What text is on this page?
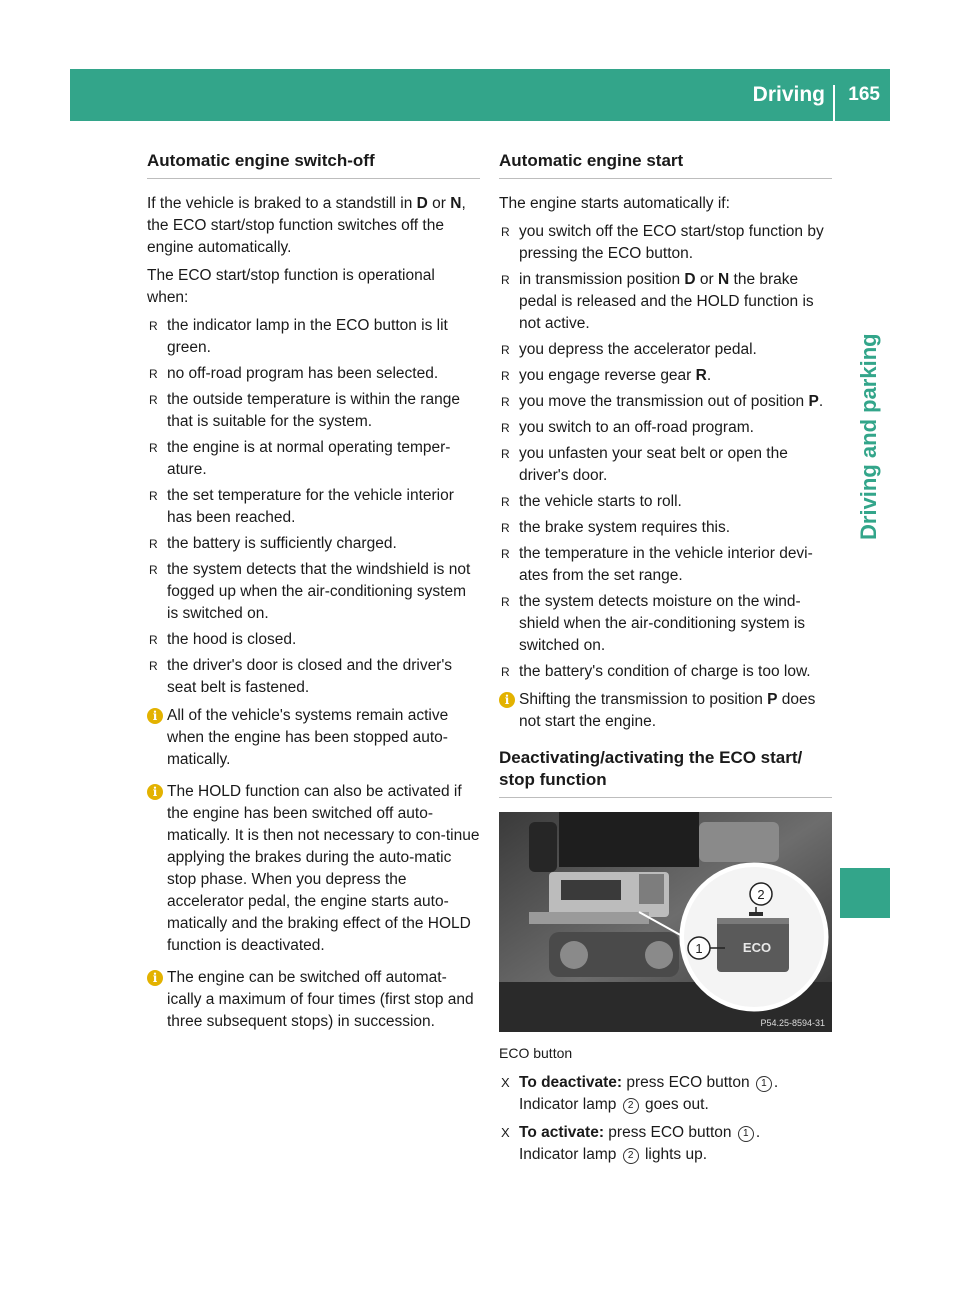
Driving 165
Driving and parking
Automatic engine switch-off

If the vehicle is braked to a standstill in D or N, the ECO start/stop function switches off the engine automatically.

The ECO start/stop function is operational when:

R the indicator lamp in the ECO button is lit green.
R no off-road program has been selected.
R the outside temperature is within the range that is suitable for the system.
R the engine is at normal operating temper-ature.
R the set temperature for the vehicle interior has been reached.
R the battery is sufficiently charged.
R the system detects that the windshield is not fogged up when the air-conditioning system is switched on.
R the hood is closed.
R the driver's door is closed and the driver's seat belt is fastened.
i All of the vehicle's systems remain active when the engine has been stopped auto-matically.
i The HOLD function can also be activated if the engine has been switched off auto-matically. It is then not necessary to con-tinue applying the brakes during the auto-matic stop phase. When you depress the accelerator pedal, the engine starts auto-matically and the braking effect of the HOLD function is deactivated.
i The engine can be switched off automat-ically a maximum of four times (first stop and three subsequent stops) in succession.
Automatic engine start

The engine starts automatically if:

R you switch off the ECO start/stop function by pressing the ECO button.
R in transmission position D or N the brake pedal is released and the HOLD function is not active.
R you depress the accelerator pedal.
R you engage reverse gear R.
R you move the transmission out of position P.
R you switch to an off-road program.
R you unfasten your seat belt or open the driver's door.
R the vehicle starts to roll.
R the brake system requires this.
R the temperature in the vehicle interior devi-ates from the set range.
R the system detects moisture on the wind-shield when the air-conditioning system is switched on.
R the battery's condition of charge is too low.
i Shifting the transmission to position P does not start the engine.
Deactivating/activating the ECO start/ stop function
ECO
2
1
P54.25-8594-31
ECO button
X To deactivate: press ECO button 1 .
Indicator lamp 2 goes out.
X To activate: press ECO button 1 .
Indicator lamp 2 lights up.
